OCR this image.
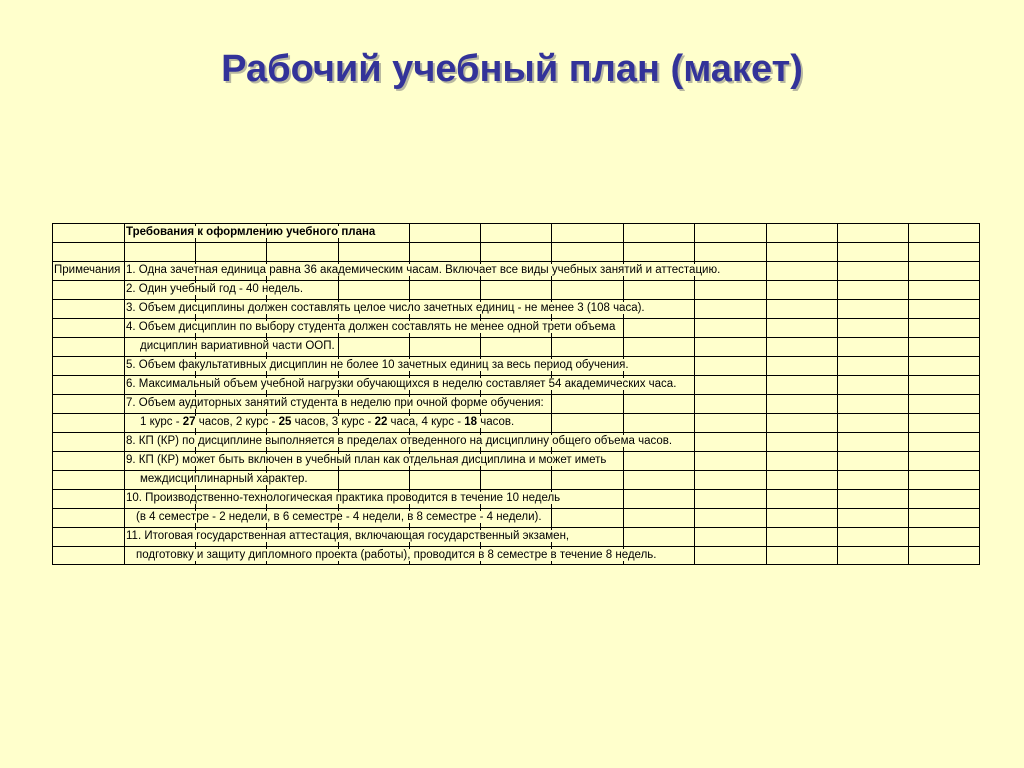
Рабочий учебный план (макет)
Примечания
Требования к оформлению учебного плана
1. Одна зачетная единица равна 36 академическим часам. Включает все виды учебных занятий и аттестацию.
2. Один учебный год - 40 недель.
3. Объем дисциплины должен составлять целое число зачетных единиц - не менее 3 (108 часа).
4. Объем дисциплин по выбору студента должен составлять не менее одной трети объема
дисциплин вариативной части ООП.
5. Объем факультативных дисциплин не более 10 зачетных единиц за весь период обучения.
6. Максимальный объем учебной нагрузки обучающихся в неделю составляет 54 академических часа.
7. Объем аудиторных занятий студента в неделю при очной форме обучения:
1 курс - 27 часов, 2 курс - 25 часов, 3 курс - 22 часа, 4 курс - 18 часов.
8. КП (КР) по дисциплине выполняется в пределах отведенного на дисциплину общего объема часов.
9. КП (КР) может быть включен в учебный план как отдельная дисциплина и может иметь
междисциплинарный характер.
10. Производственно-технологическая практика проводится в течение 10 недель
(в 4 семестре - 2 недели, в 6 семестре - 4 недели, в 8 семестре - 4 недели).
11. Итоговая государственная аттестация, включающая государственный экзамен,
подготовку и защиту дипломного проекта (работы), проводится в 8 семестре в течение 8 недель.
